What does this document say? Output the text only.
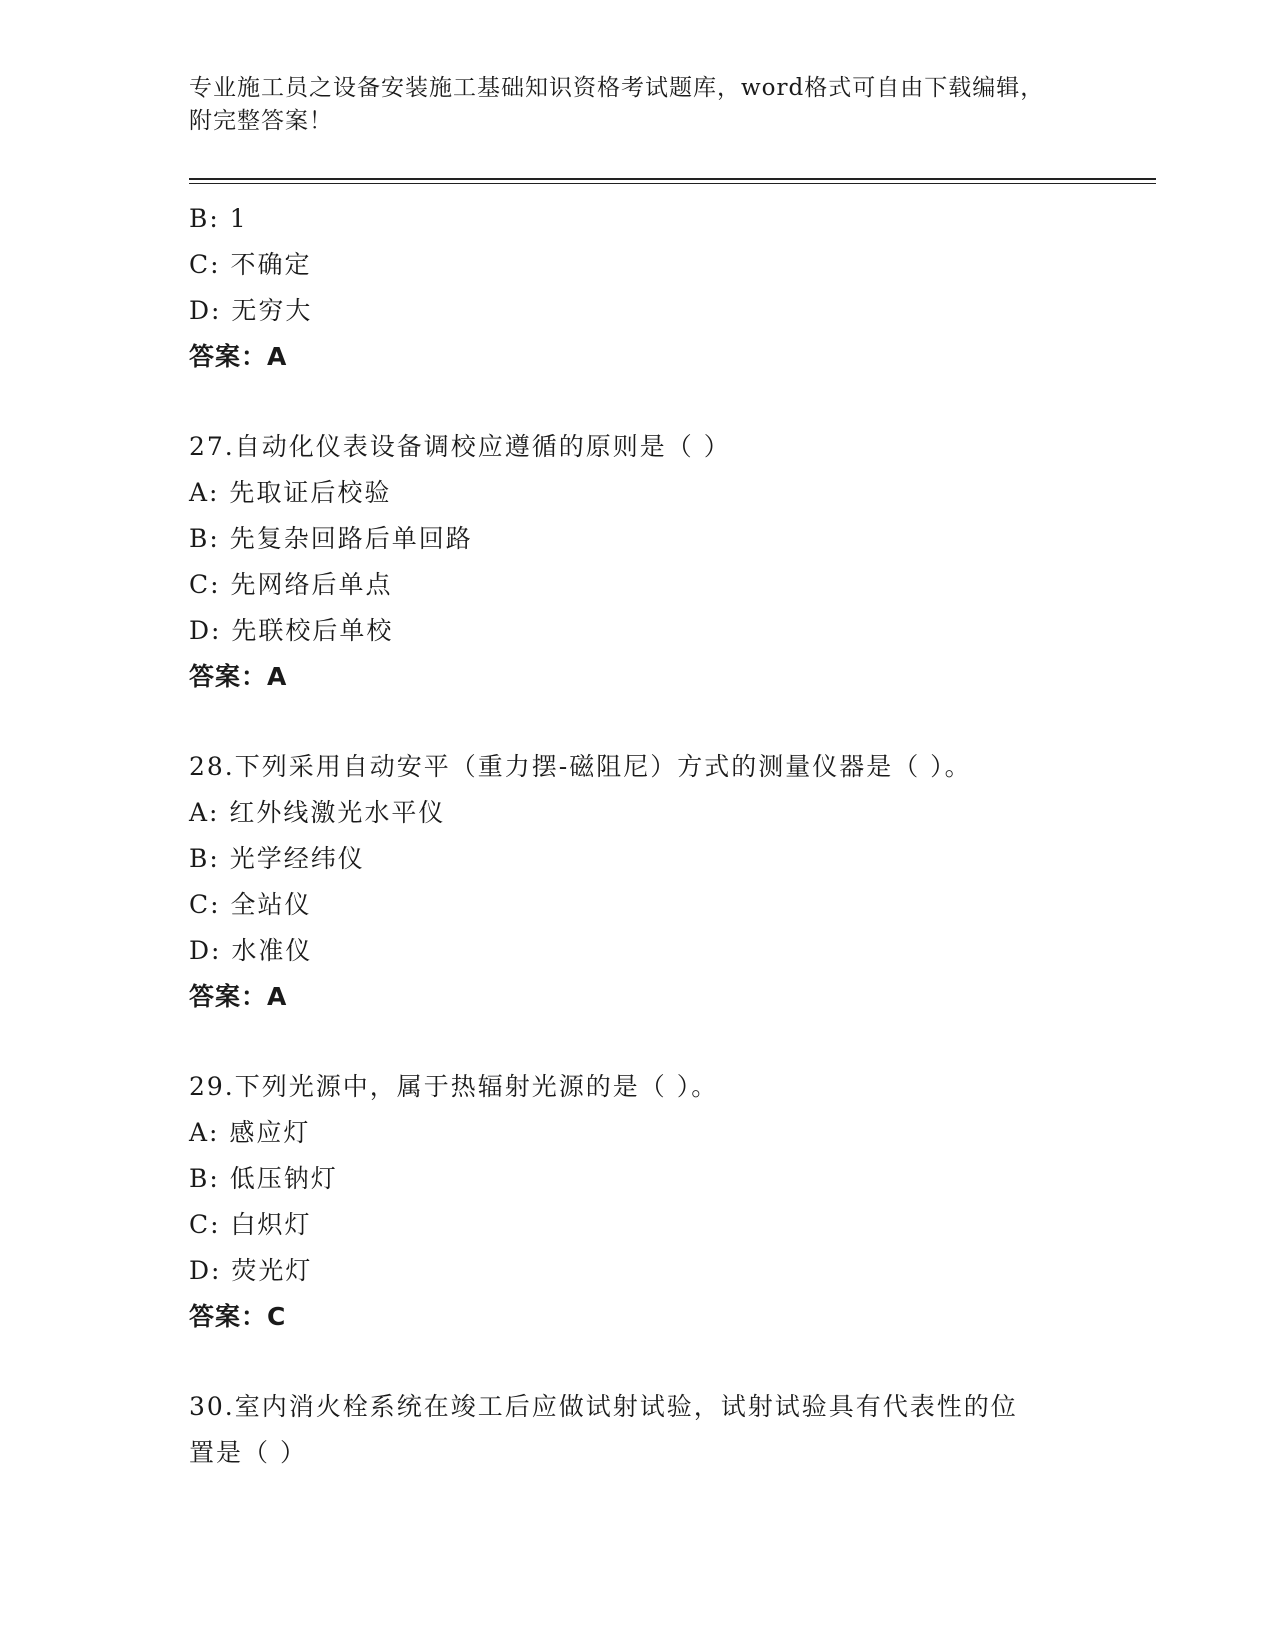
专业施工员之设备安装施工基础知识资格考试题库，word格式可自由下载编辑，
附完整答案！
B: 1
C: 不确定
D: 无穷大
答案：A
27.自动化仪表设备调校应遵循的原则是（ ）
A: 先取证后校验
B: 先复杂回路后单回路
C: 先网络后单点
D: 先联校后单校
答案：A
28.下列采用自动安平（重力摆-磁阻尼）方式的测量仪器是（ ）。
A: 红外线激光水平仪
B: 光学经纬仪
C: 全站仪
D: 水准仪
答案：A
29.下列光源中，属于热辐射光源的是（ ）。
A: 感应灯
B: 低压钠灯
C: 白炽灯
D: 荧光灯
答案：C
30.室内消火栓系统在竣工后应做试射试验，试射试验具有代表性的位
置是（ ）
